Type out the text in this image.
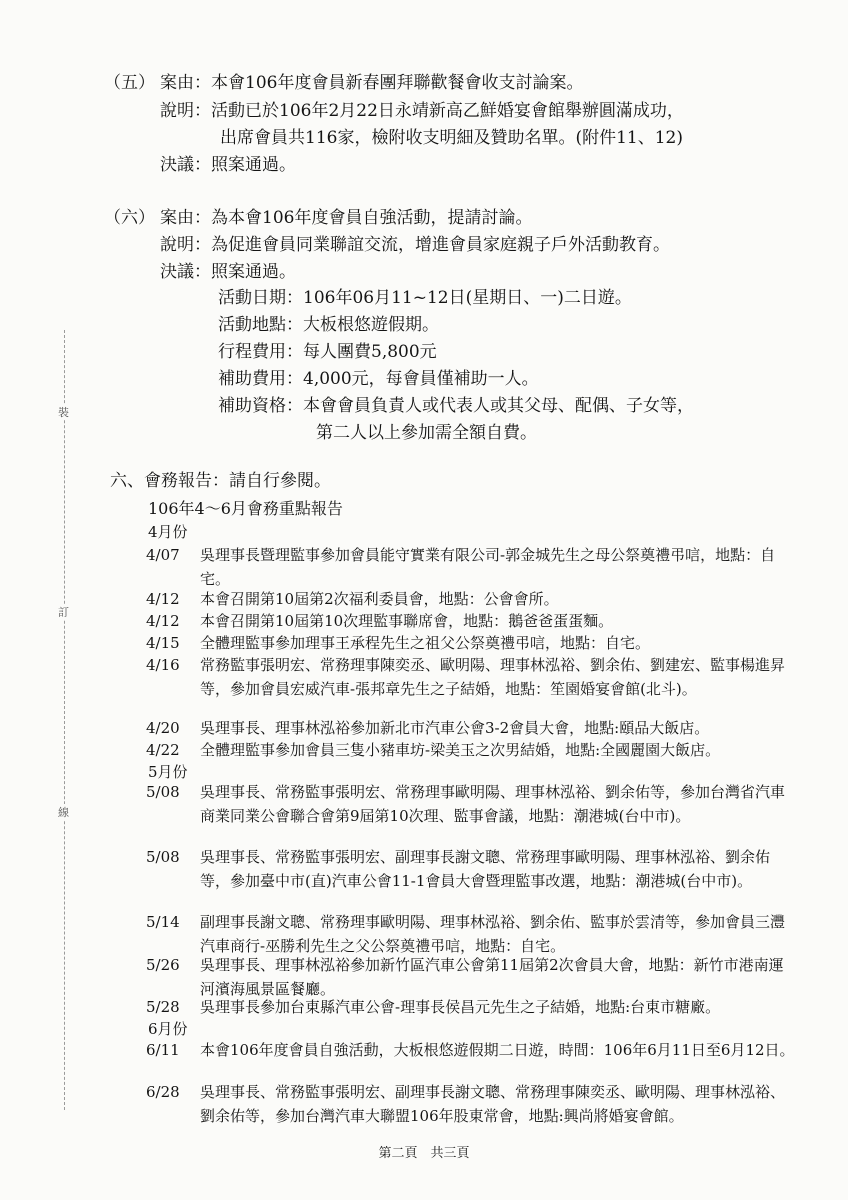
裝
訂
線
（五） 案由： 本會106年度會員新春團拜聯歡餐會收支討論案。
說明： 活動已於106年2月22日永靖新高乙鮮婚宴會館舉辦圓滿成功，
出席會員共116家，檢附收支明細及贊助名單。(附件11、12)
決議： 照案通過。
（六） 案由： 為本會106年度會員自強活動，提請討論。
說明： 為促進會員同業聯誼交流，增進會員家庭親子戶外活動教育。
決議： 照案通過。
活動日期： 106年06月11~12日(星期日、一)二日遊。
活動地點： 大板根悠遊假期。
行程費用： 每人團費5,800元
補助費用： 4,000元，每會員僅補助一人。
補助資格： 本會會員負責人或代表人或其父母、配偶、子女等，
第二人以上參加需全額自費。
六、會務報告：請自行參閱。
106年4～6月會務重點報告
4月份
4/07	吳理事長暨理監事參加會員能守實業有限公司-郭金城先生之母公祭奠禮弔唁，地點：自宅。
4/12	本會召開第10屆第2次福利委員會，地點：公會會所。
4/12	本會召開第10屆第10次理監事聯席會，地點：鵝爸爸蛋蛋麵。
4/15	全體理監事參加理事王承程先生之祖父公祭奠禮弔唁，地點：自宅。
4/16	常務監事張明宏、常務理事陳奕丞、歐明陽、理事林泓裕、劉余佑、劉建宏、監事楊進昇等，參加會員宏威汽車-張邦章先生之子結婚，地點：笙園婚宴會館(北斗)。
4/20	吳理事長、理事林泓裕參加新北市汽車公會3-2會員大會，地點:頤品大飯店。
4/22	全體理監事參加會員三隻小豬車坊-梁美玉之次男結婚，地點:全國麗園大飯店。
5月份
5/08	吳理事長、常務監事張明宏、常務理事歐明陽、理事林泓裕、劉余佑等，參加台灣省汽車商業同業公會聯合會第9屆第10次理、監事會議，地點：潮港城(台中市)。
5/08	吳理事長、常務監事張明宏、副理事長謝文聰、常務理事歐明陽、理事林泓裕、劉余佑等，參加臺中市(直)汽車公會11-1會員大會暨理監事改選，地點：潮港城(台中市)。
5/14	副理事長謝文聰、常務理事歐明陽、理事林泓裕、劉余佑、監事於雲清等，參加會員三灃汽車商行-巫勝利先生之父公祭奠禮弔唁，地點：自宅。
5/26	吳理事長、理事林泓裕參加新竹區汽車公會第11屆第2次會員大會，地點：新竹市港南運河濱海風景區餐廳。
5/28	吳理事長參加台東縣汽車公會-理事長侯昌元先生之子結婚，地點:台東市糖廠。
6月份
6/11	本會106年度會員自強活動，大板根悠遊假期二日遊，時間：106年6月11日至6月12日。
6/28	吳理事長、常務監事張明宏、副理事長謝文聰、常務理事陳奕丞、歐明陽、理事林泓裕、劉余佑等，參加台灣汽車大聯盟106年股東常會，地點:興尚將婚宴會館。
第二頁　共三頁
